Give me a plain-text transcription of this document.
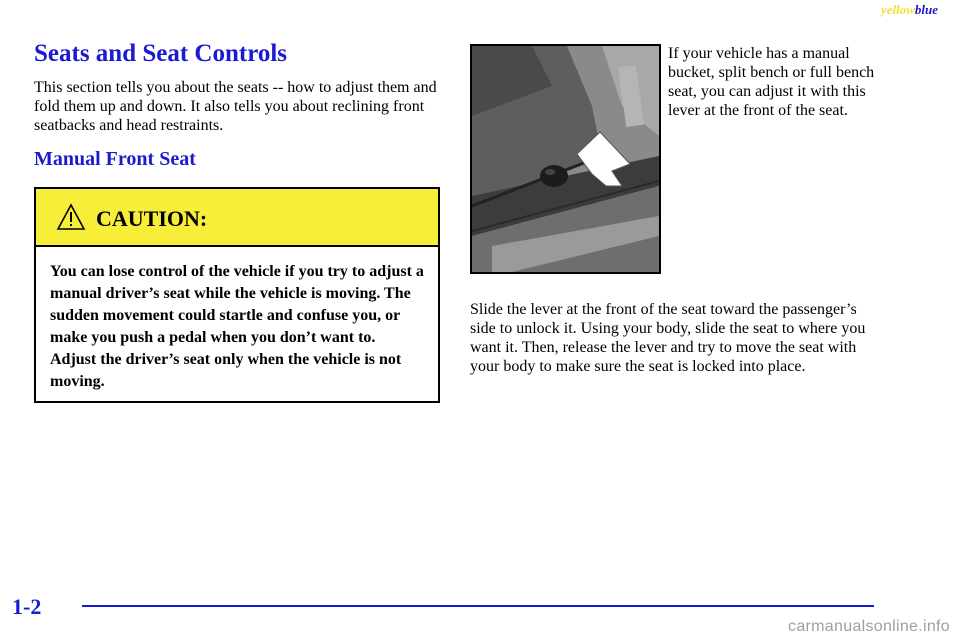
yellowblue
Seats and Seat Controls

This section tells you about the seats -- how to adjust them and fold them up and down. It also tells you about reclining front seatbacks and head restraints.

Manual Front Seat
CAUTION:

You can lose control of the vehicle if you try to adjust a manual driver’s seat while the vehicle is moving. The sudden movement could startle and confuse you, or make you push a pedal when you don’t want to. Adjust the driver’s seat only when the vehicle is not moving.

If your vehicle has a manual bucket, split bench or full bench seat, you can adjust it with this lever at the front of the seat.

Slide the lever at the front of the seat toward the passenger’s side to unlock it. Using your body, slide the seat to where you want it. Then, release the lever and try to move the seat with your body to make sure the seat is locked into place.

1-2
carmanualsonline.info
